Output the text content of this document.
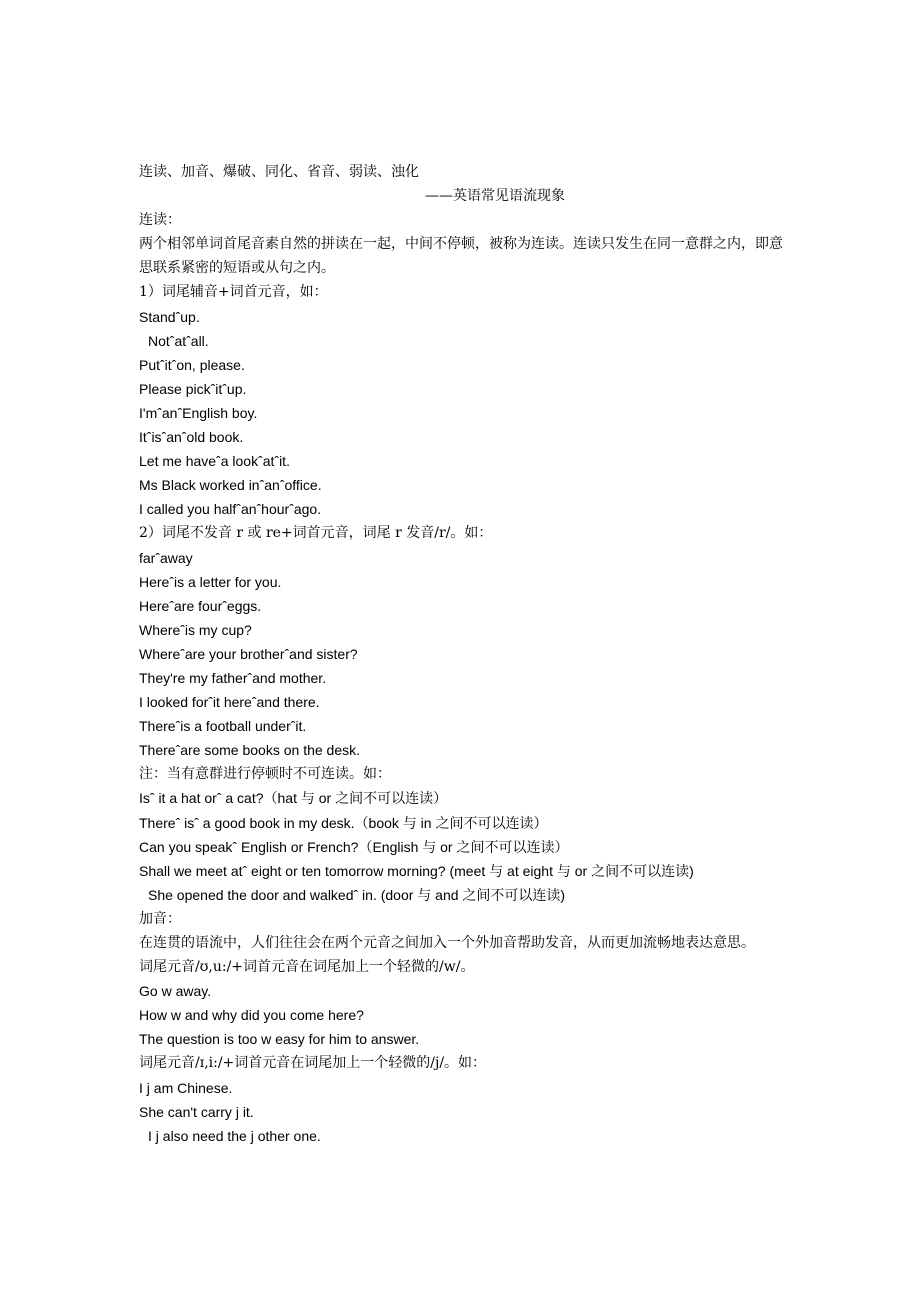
连读、加音、爆破、同化、省音、弱读、浊化
——英语常见语流现象
连读：
两个相邻单词首尾音素自然的拼读在一起，中间不停顿，被称为连读。连读只发生在同一意群之内，即意思联系紧密的短语或从句之内。
1）词尾辅音+词首元音，如：
Standˆup.
Notˆatˆall.
Putˆitˆon, please.
Please pickˆitˆup.
I'mˆanˆEnglish boy.
Itˆisˆanˆold book.
Let me haveˆa lookˆatˆit.
Ms Black worked inˆanˆoffice.
I called you halfˆanˆhourˆago.
2）词尾不发音 r 或 re+词首元音，词尾 r 发音/r/。如：
farˆaway
Hereˆis a letter for you.
Hereˆare fourˆeggs.
Whereˆis my cup?
Whereˆare your brotherˆand sister?
They're my fatherˆand mother.
I looked forˆit hereˆand there.
Thereˆis a football underˆit.
Thereˆare some books on the desk.
注：当有意群进行停顿时不可连读。如：
Isˆ it a hat orˆ a cat?（hat 与 or 之间不可以连读）
Thereˆ isˆ a good book in my desk.（book 与 in 之间不可以连读）
Can you speakˆ English or French?（English 与 or 之间不可以连读）
Shall we meet atˆ eight or ten tomorrow morning? (meet 与 at eight 与 or 之间不可以连读)
She opened the door and walkedˆ in. (door 与 and 之间不可以连读)
加音：
在连贯的语流中，人们往往会在两个元音之间加入一个外加音帮助发音，从而更加流畅地表达意思。
词尾元音/ʊ,u:/+词首元音在词尾加上一个轻微的/w/。
Go w away.
How w and why did you come here?
The question is too w easy for him to answer.
词尾元音/ɪ,i:/+词首元音在词尾加上一个轻微的/j/。如：
I j am Chinese.
She can't carry j it.
I j also need the j other one.
